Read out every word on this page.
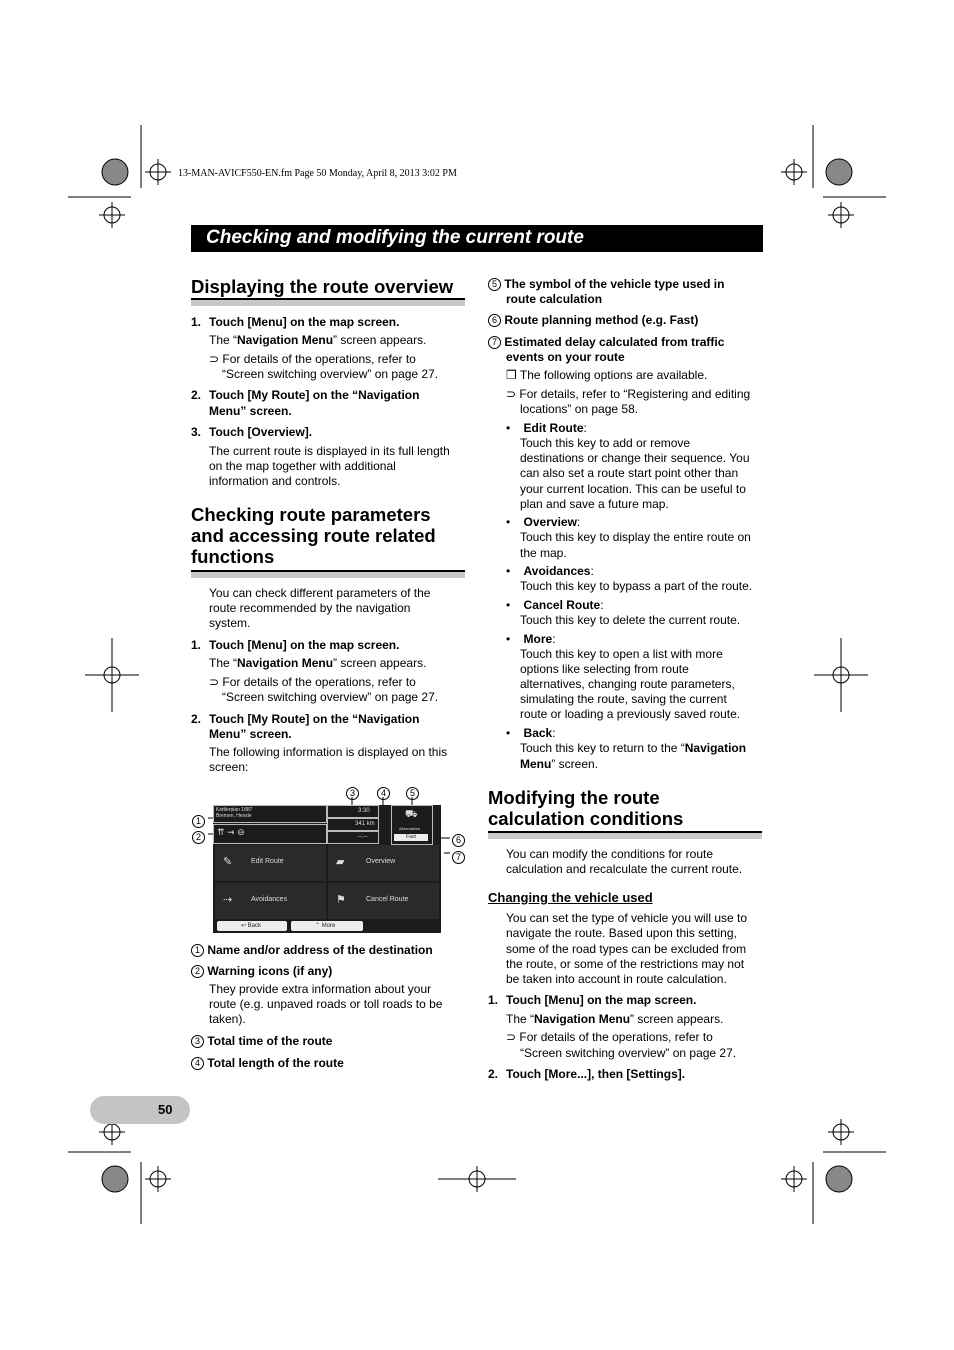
13-MAN-AVICF550-EN.fm Page 50 Monday, April 8, 2013 3:02 PM
Checking and modifying the current route
Displaying the route overview
1. Touch [Menu] on the map screen.
The “Navigation Menu” screen appears.
⊃ For details of the operations, refer to
“Screen switching overview” on page 27.
2. Touch [My Route] on the “Navigation
Menu” screen.
3. Touch [Overview].
The current route is displayed in its full length
on the map together with additional
information and controls.
Checking route parameters
and accessing route related
functions
You can check different parameters of the
route recommended by the navigation
system.
1. Touch [Menu] on the map screen.
The “Navigation Menu” screen appears.
⊃ For details of the operations, refer to
“Screen switching overview” on page 27.
2. Touch [My Route] on the “Navigation
Menu” screen.
The following information is displayed on this
screen:
3	4	5
1
2	6
7
Kettlerplan 1887
Bremen, Hessle
⇈ ⇝ ⊖
3:30
341 km
--:--
⛟
Alternatives
Fast
✎	Edit Route	▰	Overview
⇢	Avoidances	⚑	Cancel Route
↩ Back	⌃ More
1 Name and/or address of the destination
2 Warning icons (if any)
They provide extra information about your
route (e.g. unpaved roads or toll roads to be
taken).
3 Total time of the route
4 Total length of the route
5 The symbol of the vehicle type used in
route calculation
6 Route planning method (e.g. Fast)
7 Estimated delay calculated from traffic
events on your route
❒ The following options are available.
⊃ For details, refer to “Registering and editing
locations” on page 58.
•    Edit Route:
Touch this key to add or remove
destinations or change their sequence. You
can also set a route start point other than
your current location. This can be useful to
plan and save a future map.
•    Overview:
Touch this key to display the entire route on
the map.
•    Avoidances:
Touch this key to bypass a part of the route.
•    Cancel Route:
Touch this key to delete the current route.
•    More:
Touch this key to open a list with more
options like selecting from route
alternatives, changing route parameters,
simulating the route, saving the current
route or loading a previously saved route.
•    Back:
Touch this key to return to the “Navigation
Menu” screen.
Modifying the route
calculation conditions
You can modify the conditions for route
calculation and recalculate the current route.
Changing the vehicle used
You can set the type of vehicle you will use to
navigate the route. Based upon this setting,
some of the road types can be excluded from
the route, or some of the restrictions may not
be taken into account in route calculation.
1. Touch [Menu] on the map screen.
The “Navigation Menu” screen appears.
⊃ For details of the operations, refer to
“Screen switching overview” on page 27.
2. Touch [More...], then [Settings].
50
